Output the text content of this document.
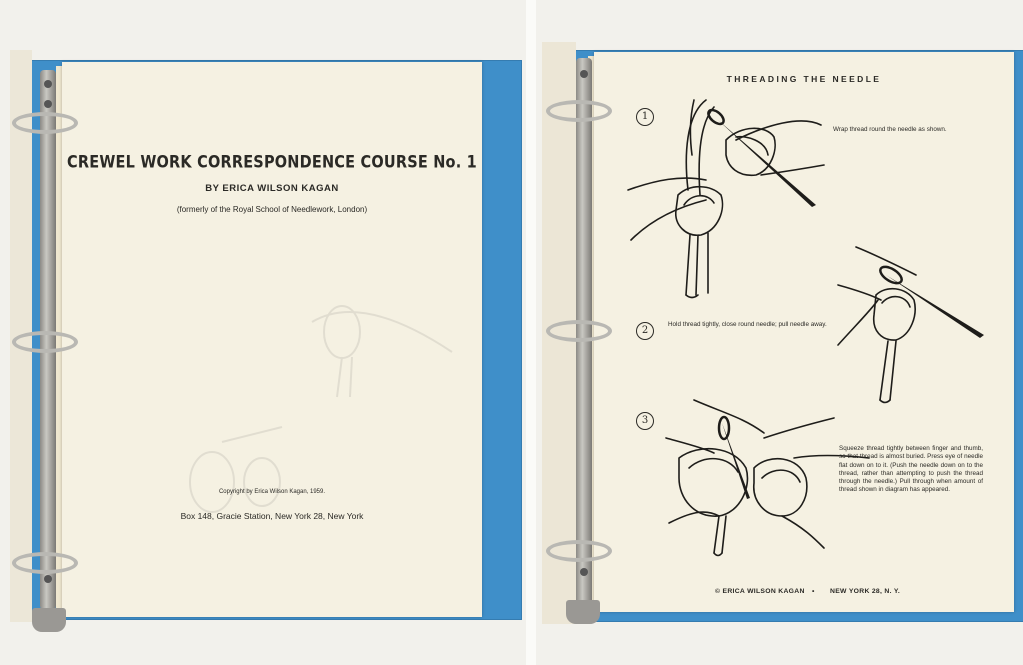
CREWEL WORK CORRESPONDENCE COURSE No. 1
BY ERICA WILSON KAGAN
(formerly of the Royal School of Needlework, London)
Copyright by Erica Wilson Kagan, 1959.
Box 148, Gracie Station, New York 28, New York
THREADING THE NEEDLE
1
Wrap thread round the needle as shown.
2
Hold thread tightly, close round needle; pull needle away.
3
Squeeze thread tightly between finger and thumb, so that thread is almost buried. Press eye of needle flat down on to it. (Push the needle down on to the thread, rather than attempting to push the thread through the needle.) Pull through when amount of thread shown in diagram has appeared.
© ERICA WILSON KAGAN • NEW YORK 28, N. Y.
